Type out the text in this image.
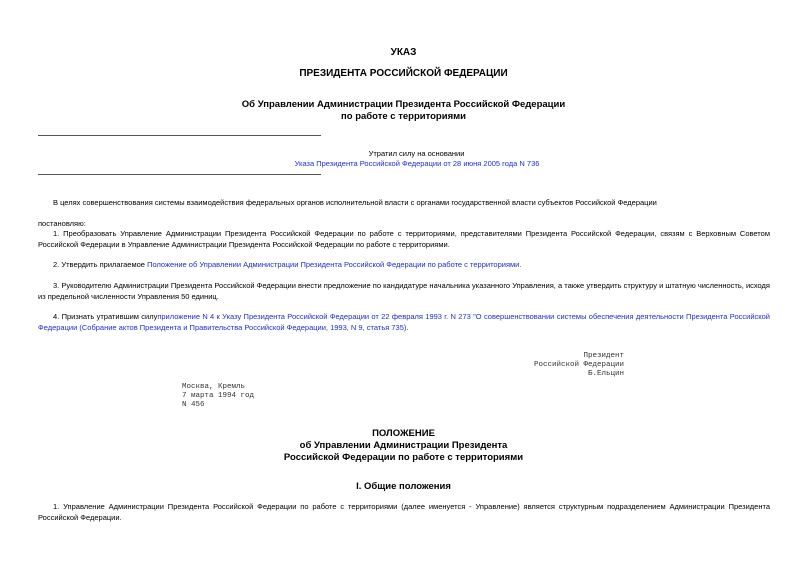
УКАЗ
ПРЕЗИДЕНТА РОССИЙСКОЙ ФЕДЕРАЦИИ
Об Управлении Администрации Президента Российской Федерации
по работе с территориями
Утратил силу на основании
Указа Президента Российской Федерации от 28 июня 2005 года N 736
В целях совершенствования системы взаимодействия федеральных органов исполнительной власти с органами государственной власти субъектов Российской Федерации
постановляю:
1. Преобразовать Управление Администрации Президента Российской Федерации по работе с территориями, представителями Президента Российской Федерации, связям с Верховным Советом Российской Федерации в Управление Администрации Президента Российской Федерации по работе с территориями.
2. Утвердить прилагаемое Положение об Управлении Администрации Президента Российской Федерации по работе с территориями.
3. Руководителю Администрации Президента Российской Федерации внести предложение по кандидатуре начальника указанного Управления, а также утвердить структуру и штатную численность, исходя из предельной численности Управления 50 единиц.
4. Признать утратившим силуприложение N 4 к Указу Президента Российской Федерации от 22 февраля 1993 г. N 273 "О совершенствовании системы обеспечения деятельности Президента Российской Федерации (Собрание актов Президента и Правительства Российской Федерации, 1993, N 9, статья 735).
Президент
Российской Федерации
Б.Ельцин
Москва, Кремль
7 марта 1994 год
N 456
ПОЛОЖЕНИЕ
об Управлении Администрации Президента
Российской Федерации по работе с территориями
I. Общие положения
1. Управление Администрации Президента Российской Федерации по работе с территориями (далее именуется - Управление) является структурным подразделением Администрации Президента Российской Федерации.
